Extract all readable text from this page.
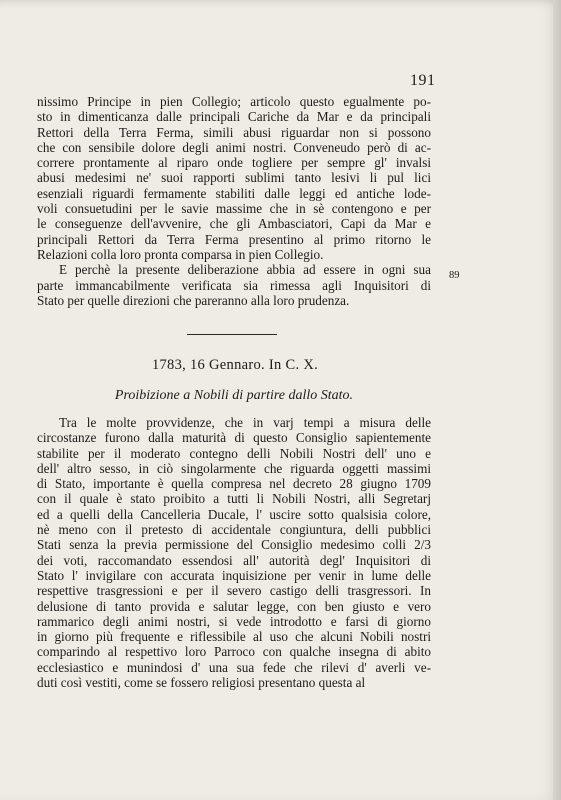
191

nissimo Principe in pien Collegio; articolo questo egualmente po-
sto in dimenticanza dalle principali Cariche da Mar e da principali
Rettori della Terra Ferma, simili abusi riguardar non si possono
che con sensibile dolore degli animi nostri. Conveneudo però di ac-
correre prontamente al riparo onde togliere per sempre gl' invalsi
abusi medesimi ne' suoi rapporti sublimi tanto lesivi li pul lici
esenziali riguardi fermamente stabiliti dalle leggi ed antiche lode-
voli consuetudini per le savie massime che in sè contengono e per
le conseguenze dell'avvenire, che gli Ambasciatori, Capi da Mar e
principali Rettori da Terra Ferma presentino al primo ritorno le
Relazioni colla loro pronta comparsa in pien Collegio.

E perchè la presente deliberazione abbia ad essere in ogni sua
parte immancabilmente verificata sia rimessa agli Inquisitori di
Stato per quelle direzioni che pareranno alla loro prudenza.

89
1783, 16 Gennaro. In C. X.
Proibizione a Nobili di partire dallo Stato.

Tra le molte provvidenze, che in varj tempi a misura delle
circostanze furono dalla maturità di questo Consiglio sapientemente
stabilite per il moderato contegno delli Nobili Nostri dell' uno e
dell' altro sesso, in ciò singolarmente che riguarda oggetti massimi
di Stato, importante è quella compresa nel decreto 28 giugno 1709
con il quale è stato proibito a tutti li Nobili Nostri, alli Segretarj
ed a quelli della Cancelleria Ducale, l' uscire sotto qualsisia colore,
nè meno con il pretesto di accidentale congiuntura, delli pubblici
Stati senza la previa permissione del Consiglio medesimo colli 2/3
dei voti, raccomandato essendosi all' autorità degl' Inquisitori di
Stato l' invigilare con accurata inquisizione per venir in lume delle
respettive trasgressioni e per il severo castigo delli trasgressori. In
delusione di tanto provida e salutar legge, con ben giusto e vero
rammarico degli animi nostri, si vede introdotto e farsi di giorno
in giorno più frequente e riflessibile al uso che alcuni Nobili nostri
comparindo al respettivo loro Parroco con qualche insegna di abito
ecclesiastico e munindosi d' una sua fede che rilevi d' averli ve-
duti così vestiti, come se fossero religiosi presentano questa al
